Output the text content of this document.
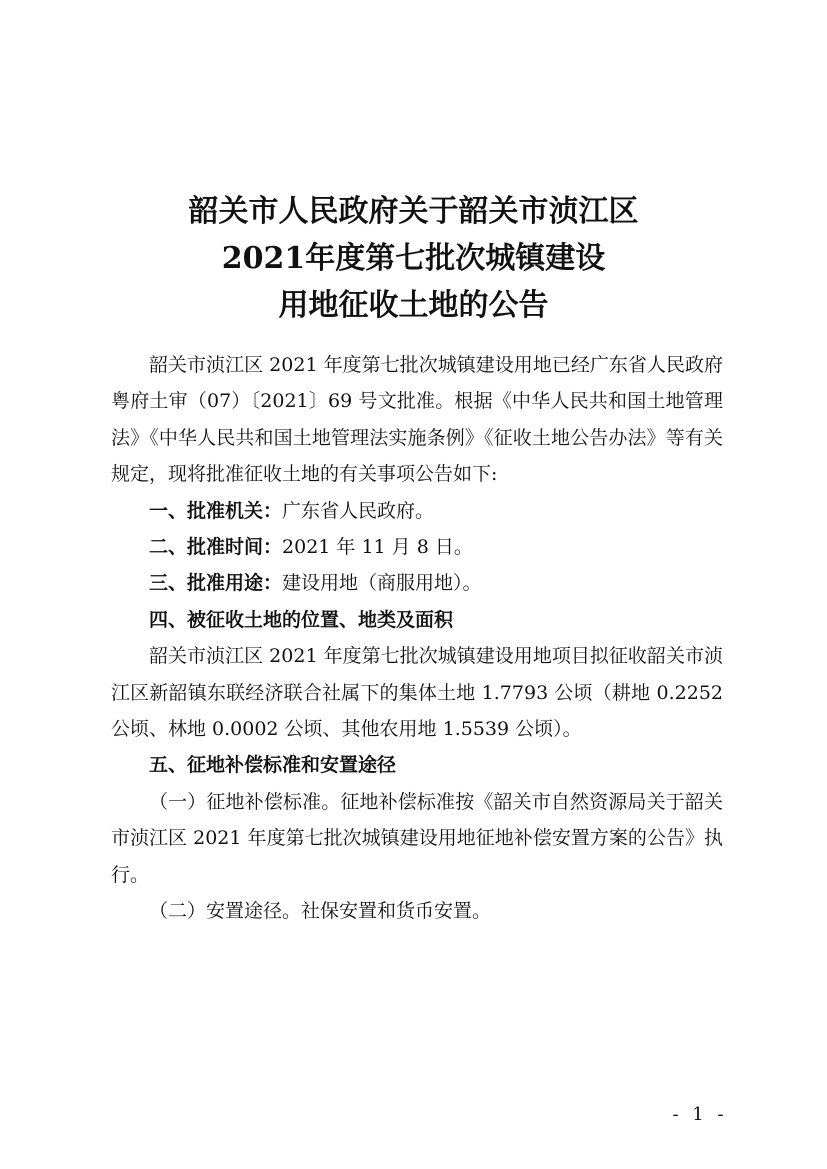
韶关市人民政府关于韶关市浈江区
2021年度第七批次城镇建设
用地征收土地的公告

韶关市浈江区 2021 年度第七批次城镇建设用地已经广东省人民政府粤府土审（07）〔2021〕69 号文批准。根据《中华人民共和国土地管理法》《中华人民共和国土地管理法实施条例》《征收土地公告办法》等有关规定，现将批准征收土地的有关事项公告如下:

一、批准机关：广东省人民政府。

二、批准时间：2021 年 11 月 8 日。

三、批准用途：建设用地（商服用地）。

四、被征收土地的位置、地类及面积

韶关市浈江区 2021 年度第七批次城镇建设用地项目拟征收韶关市浈江区新韶镇东联经济联合社属下的集体土地 1.7793 公顷（耕地 0.2252 公顷、林地 0.0002 公顷、其他农用地 1.5539 公顷）。

五、征地补偿标准和安置途径

（一）征地补偿标准。征地补偿标准按《韶关市自然资源局关于韶关市浈江区 2021 年度第七批次城镇建设用地征地补偿安置方案的公告》执行。

（二）安置途径。社保安置和货币安置。

- 1 -
